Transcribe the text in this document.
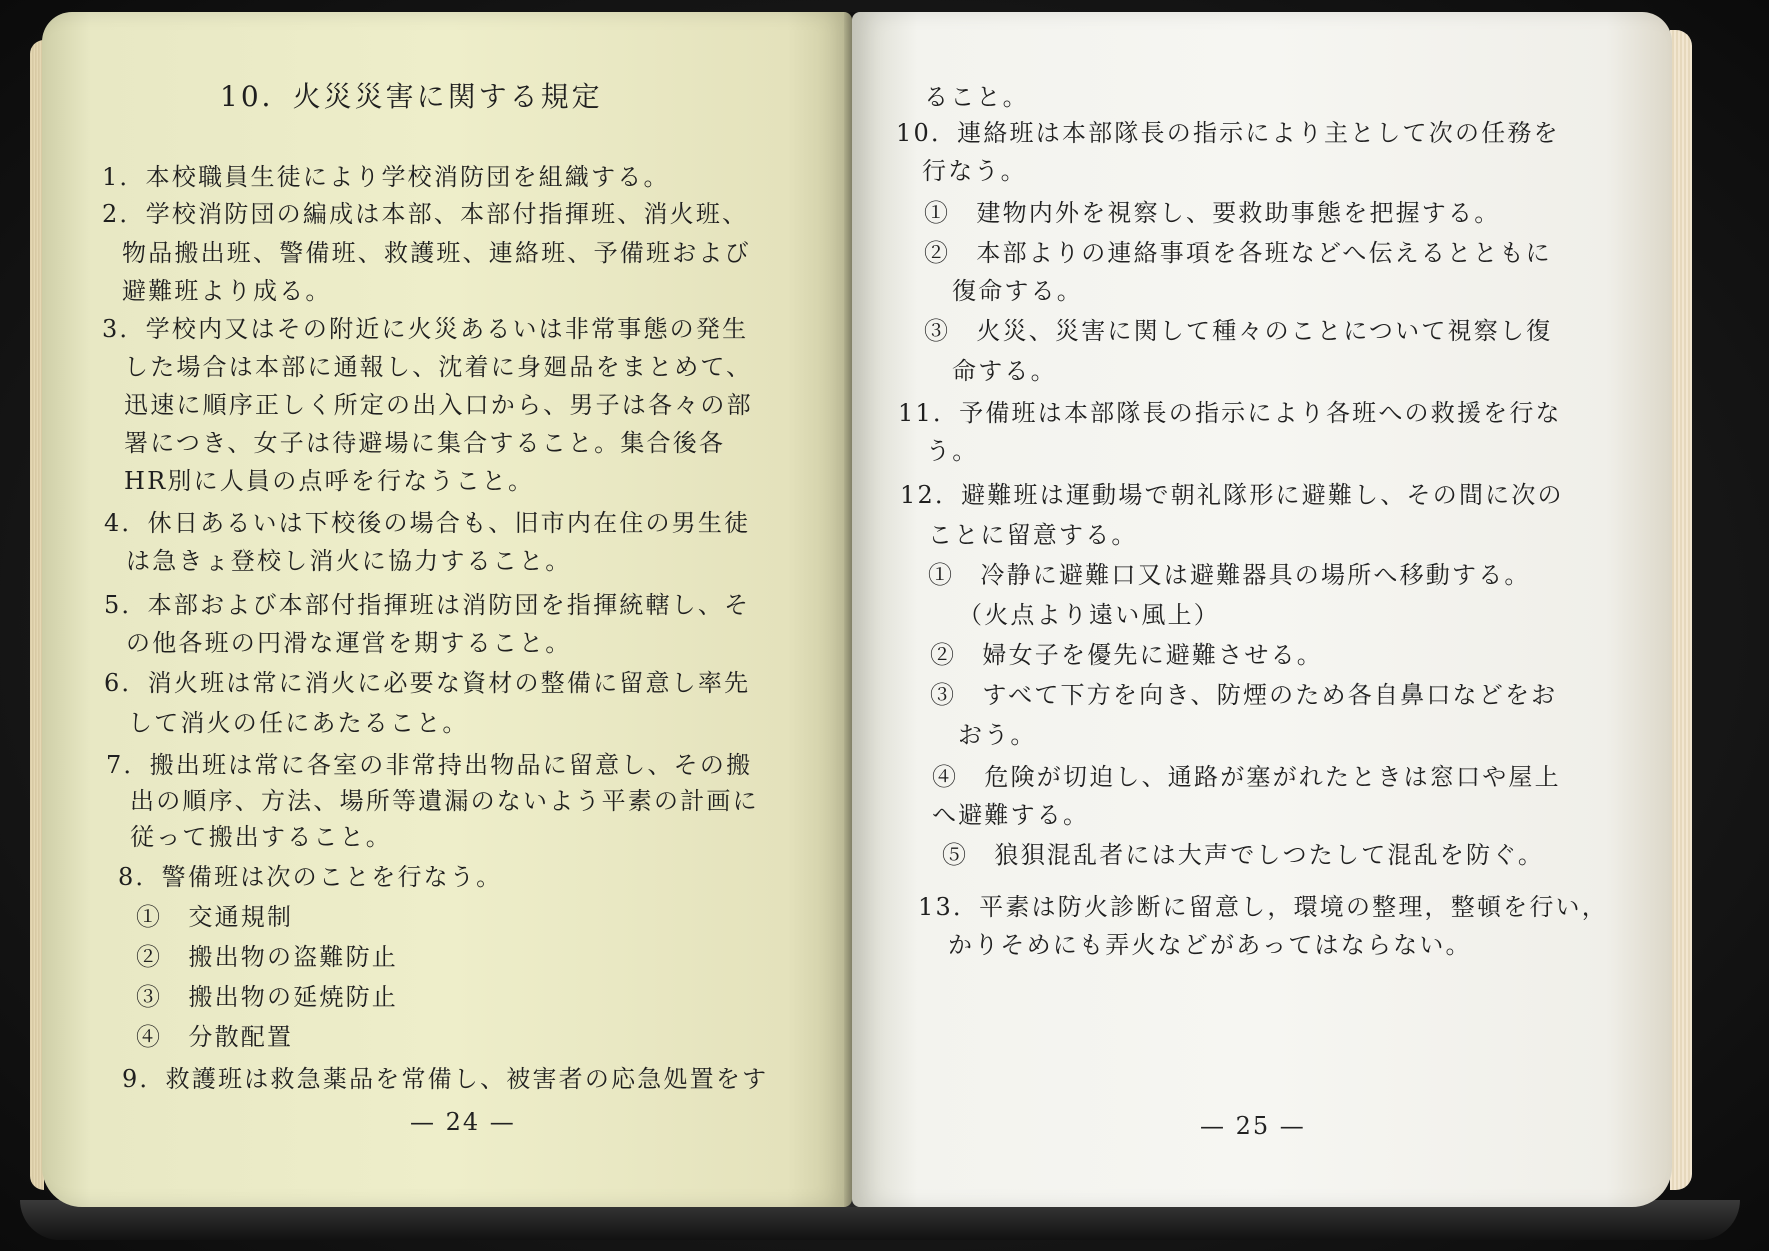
10．火災災害に関する規定
1．本校職員生徒により学校消防団を組織する。
2．学校消防団の編成は本部、本部付指揮班、消火班、
物品搬出班、警備班、救護班、連絡班、予備班および
避難班より成る。
3．学校内又はその附近に火災あるいは非常事態の発生
した場合は本部に通報し、沈着に身廻品をまとめて、
迅速に順序正しく所定の出入口から、男子は各々の部
署につき、女子は待避場に集合すること。集合後各
HR別に人員の点呼を行なうこと。
4．休日あるいは下校後の場合も、旧市内在住の男生徒
は急きょ登校し消火に協力すること。
5．本部および本部付指揮班は消防団を指揮統轄し、そ
の他各班の円滑な運営を期すること。
6．消火班は常に消火に必要な資材の整備に留意し率先
して消火の任にあたること。
7．搬出班は常に各室の非常持出物品に留意し、その搬
出の順序、方法、場所等遺漏のないよう平素の計画に
従って搬出すること。
8．警備班は次のことを行なう。
①　交通規制
②　搬出物の盗難防止
③　搬出物の延焼防止
④　分散配置
9．救護班は救急薬品を常備し、被害者の応急処置をす
— 24 —
ること。
10．連絡班は本部隊長の指示により主として次の任務を
行なう。
①　建物内外を視察し、要救助事態を把握する。
②　本部よりの連絡事項を各班などへ伝えるとともに
復命する。
③　火災、災害に関して種々のことについて視察し復
命する。
11．予備班は本部隊長の指示により各班への救援を行な
う。
12．避難班は運動場で朝礼隊形に避難し、その間に次の
ことに留意する。
①　冷静に避難口又は避難器具の場所へ移動する。
（火点より遠い風上）
②　婦女子を優先に避難させる。
③　すべて下方を向き、防煙のため各自鼻口などをお
おう。
④　危険が切迫し、通路が塞がれたときは窓口や屋上
へ避難する。
⑤　狼狽混乱者には大声でしつたして混乱を防ぐ。
13．平素は防火診断に留意し，環境の整理，整頓を行い，
かりそめにも弄火などがあってはならない。
— 25 —
